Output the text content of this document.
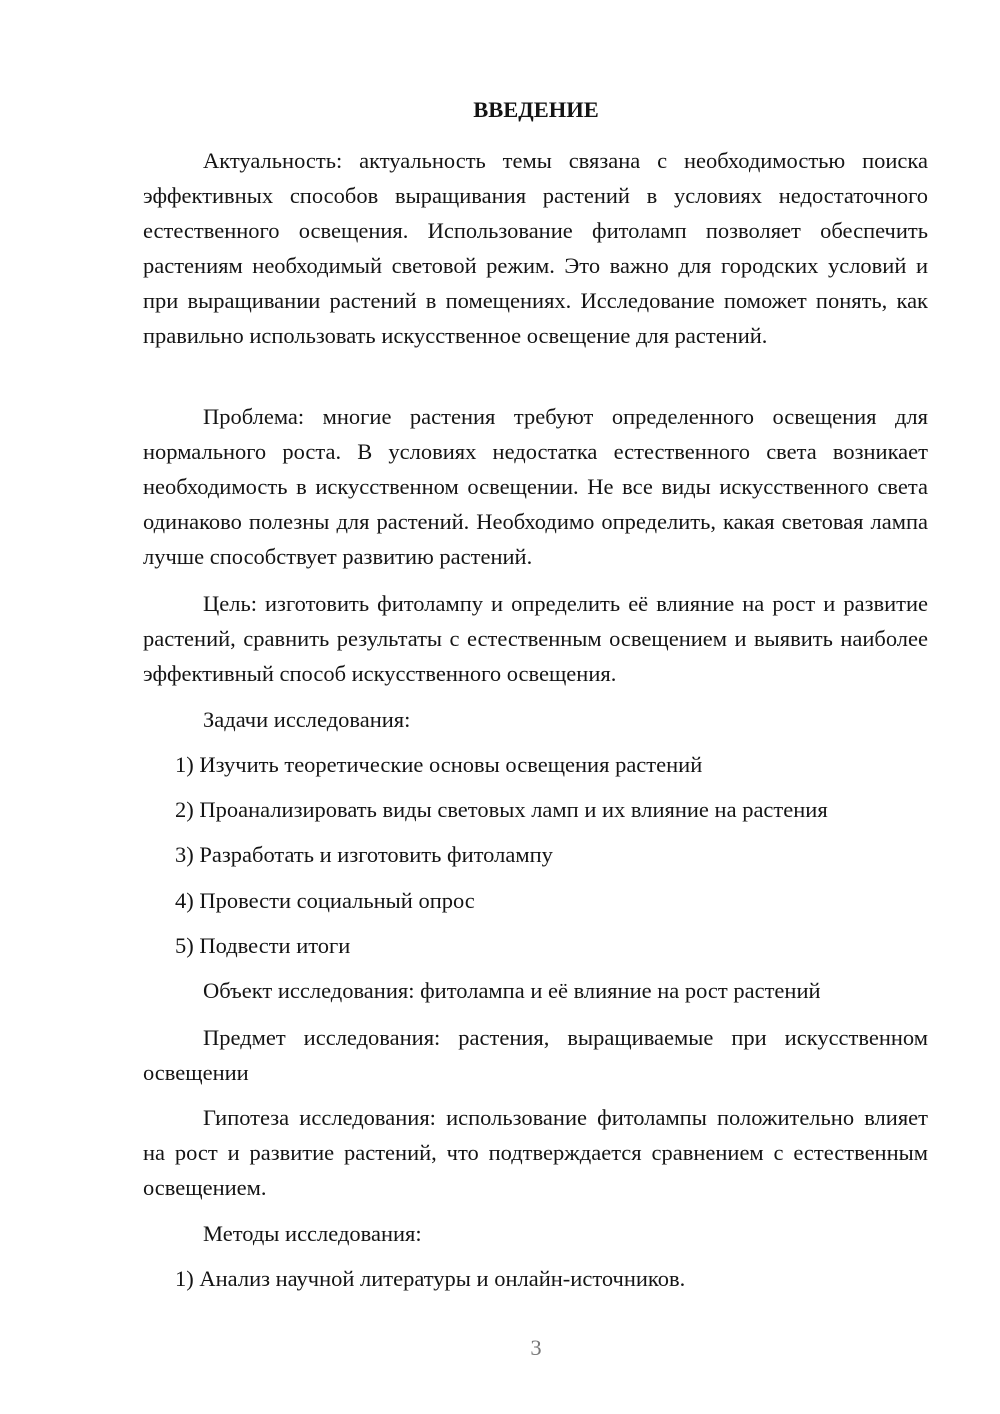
ВВЕДЕНИЕ

Актуальность: актуальность темы связана с необходимостью поиска эффективных способов выращивания растений в условиях недостаточного естественного освещения. Использование фитоламп позволяет обеспечить растениям необходимый световой режим. Это важно для городских условий и при выращивании растений в помещениях. Исследование поможет понять, как правильно использовать искусственное освещение для растений.

Проблема: многие растения требуют определенного освещения для нормального роста. В условиях недостатка естественного света возникает необходимость в искусственном освещении. Не все виды искусственного света одинаково полезны для растений. Необходимо определить, какая световая лампа лучше способствует развитию растений.

Цель: изготовить фитолампу и определить её влияние на рост и развитие растений, сравнить результаты с естественным освещением и выявить наиболее эффективный способ искусственного освещения.

Задачи исследования:

1) Изучить теоретические основы освещения растений

2) Проанализировать виды световых ламп и их влияние на растения

3) Разработать и изготовить фитолампу

4) Провести социальный опрос

5) Подвести итоги

Объект исследования: фитолампа и её влияние на рост растений

Предмет исследования: растения, выращиваемые при искусственном освещении

Гипотеза исследования: использование фитолампы положительно влияет на рост и развитие растений, что подтверждается сравнением с естественным освещением.

Методы исследования:

1) Анализ научной литературы и онлайн-источников.

3
